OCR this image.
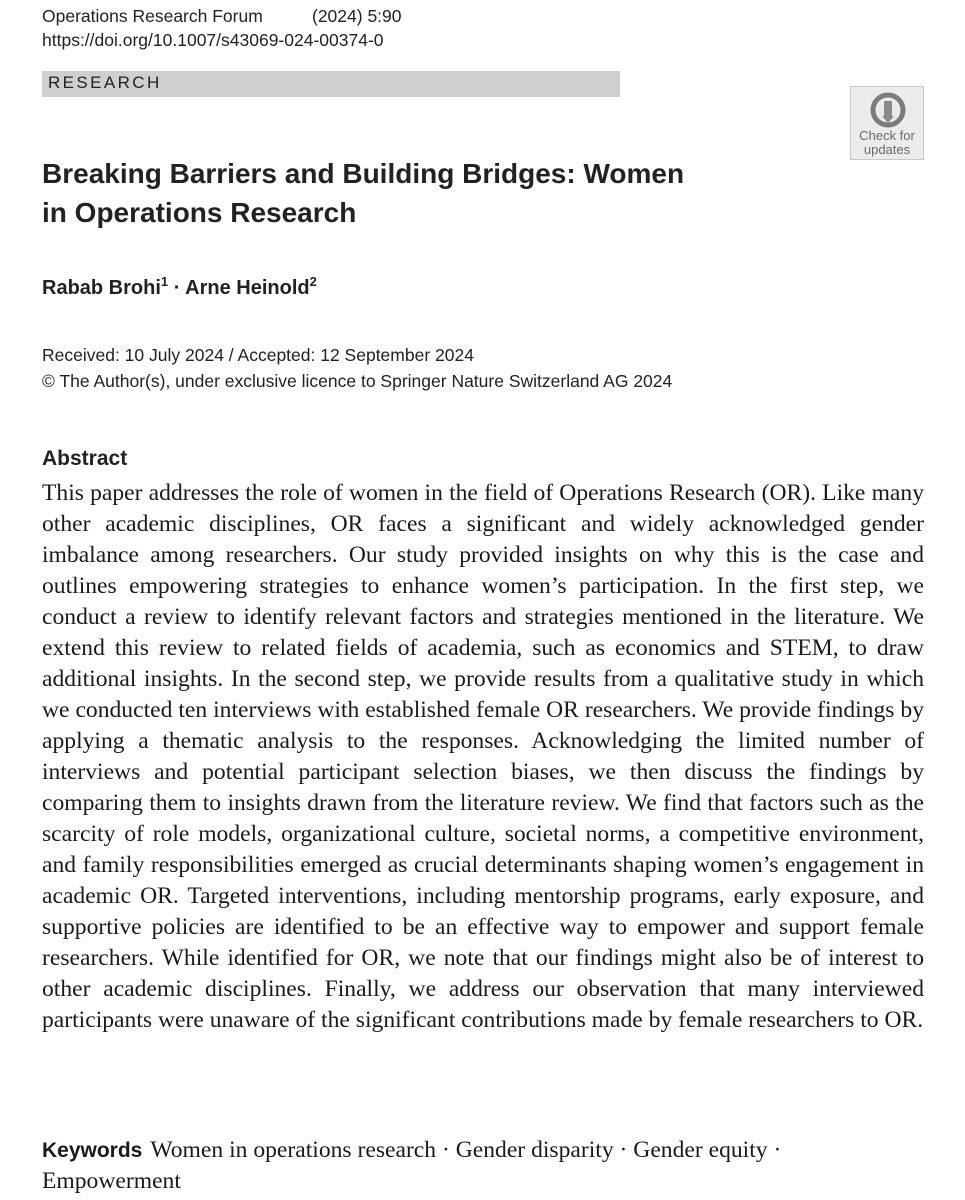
Operations Research Forum	(2024) 5:90
https://doi.org/10.1007/s43069-024-00374-0
RESEARCH
Check for
updates
Breaking Barriers and Building Bridges: Women
in Operations Research
Rabab Brohi$^1$ · Arne Heinold$^2$
Received: 10 July 2024 / Accepted: 12 September 2024
© The Author(s), under exclusive licence to Springer Nature Switzerland AG 2024
Abstract
This paper addresses the role of women in the field of Operations Research (OR). Like many other academic disciplines, OR faces a significant and widely acknowledged gender imbalance among researchers. Our study provided insights on why this is the case and outlines empowering strategies to enhance women’s participation. In the first step, we conduct a review to identify relevant factors and strategies mentioned in the literature. We extend this review to related fields of academia, such as economics and STEM, to draw additional insights. In the second step, we provide results from a qualitative study in which we conducted ten interviews with established female OR researchers. We provide findings by applying a thematic analysis to the responses. Acknowledging the limited number of interviews and potential participant selection biases, we then discuss the findings by comparing them to insights drawn from the literature review. We find that factors such as the scarcity of role models, organizational culture, societal norms, a competitive environment, and family responsibilities emerged as crucial determinants shaping women’s engagement in academic OR. Targeted interventions, including mentorship programs, early exposure, and supportive policies are identified to be an effective way to empower and support female researchers. While identified for OR, we note that our findings might also be of interest to other academic disciplines. Finally, we address our observation that many interviewed participants were unaware of the significant contributions made by female researchers to OR.
Keywords Women in operations research · Gender disparity · Gender equity · Empowerment
